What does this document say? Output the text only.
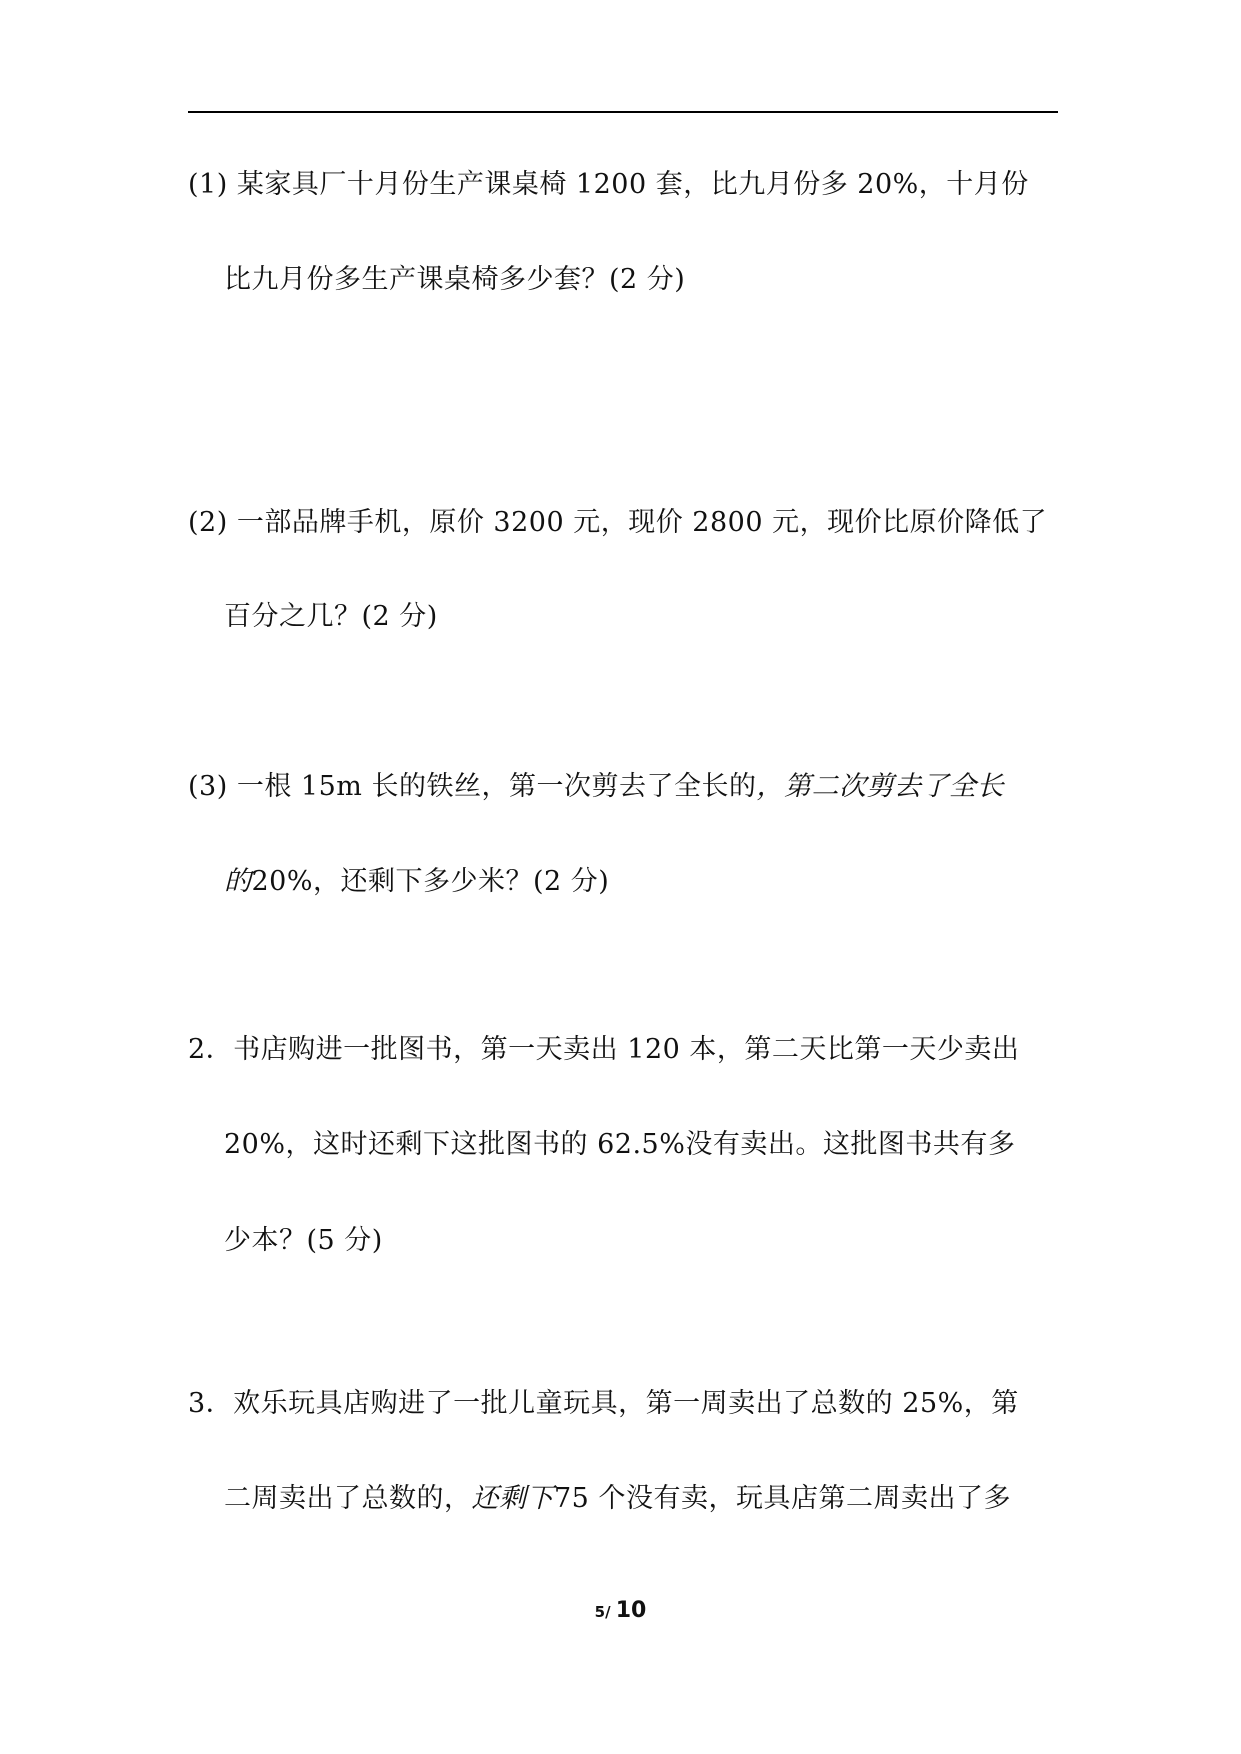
(1) 某家具厂十月份生产课桌椅 1200 套，比九月份多 20%，十月份
比九月份多生产课桌椅多少套？(2 分)
(2) 一部品牌手机，原价 3200 元，现价 2800 元，现价比原价降低了
百分之几？(2 分)
(3) 一根 15m 长的铁丝，第一次剪去了全长的，第二次剪去了全长
的20%，还剩下多少米？(2 分)
2．书店购进一批图书，第一天卖出 120 本，第二天比第一天少卖出
20%，这时还剩下这批图书的 62.5%没有卖出。这批图书共有多
少本？(5 分)
3．欢乐玩具店购进了一批儿童玩具，第一周卖出了总数的 25%，第
二周卖出了总数的，还剩下75 个没有卖，玩具店第二周卖出了多
5/ 10
